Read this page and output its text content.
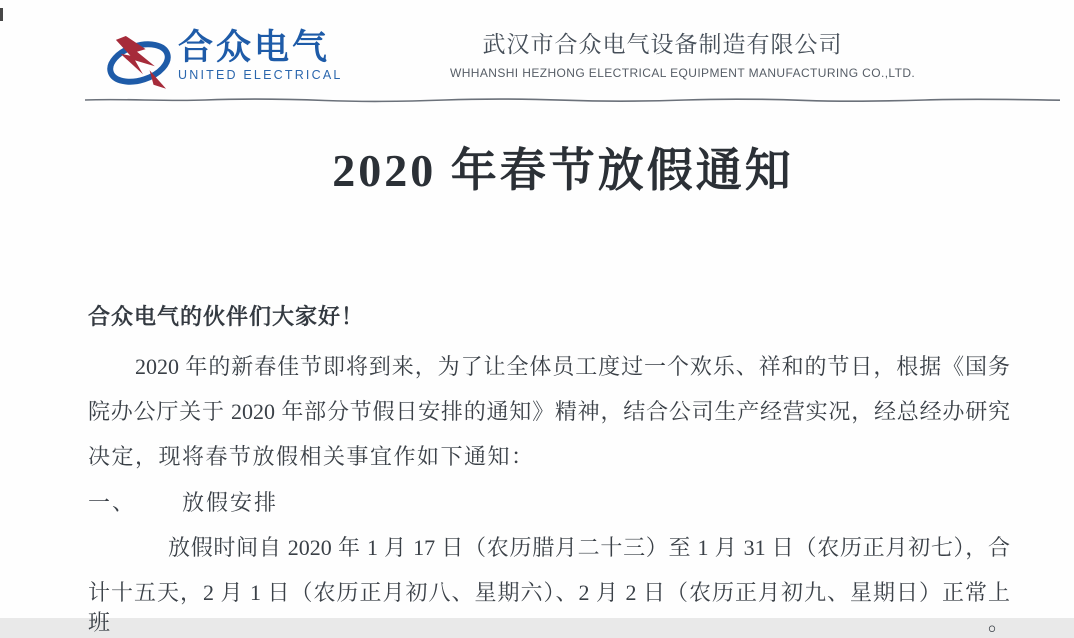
合众电气
UNITED ELECTRICAL
武汉市合众电气设备制造有限公司
WHHANSHI HEZHONG ELECTRICAL EQUIPMENT MANUFACTURING CO.,LTD.
2020 年春节放假通知
合众电气的伙伴们大家好！
2020 年的新春佳节即将到来，为了让全体员工度过一个欢乐、祥和的节日，根据《国务
院办公厅关于 2020 年部分节假日安排的通知》精神，结合公司生产经营实况，经总经办研究
决定，现将春节放假相关事宜作如下通知：
一、 放假安排
放假时间自 2020 年 1 月 17 日（农历腊月二十三）至 1 月 31 日（农历正月初七），合
计十五天，2 月 1 日（农历正月初八、星期六）、2 月 2 日（农历正月初九、星期日）正常上班。
